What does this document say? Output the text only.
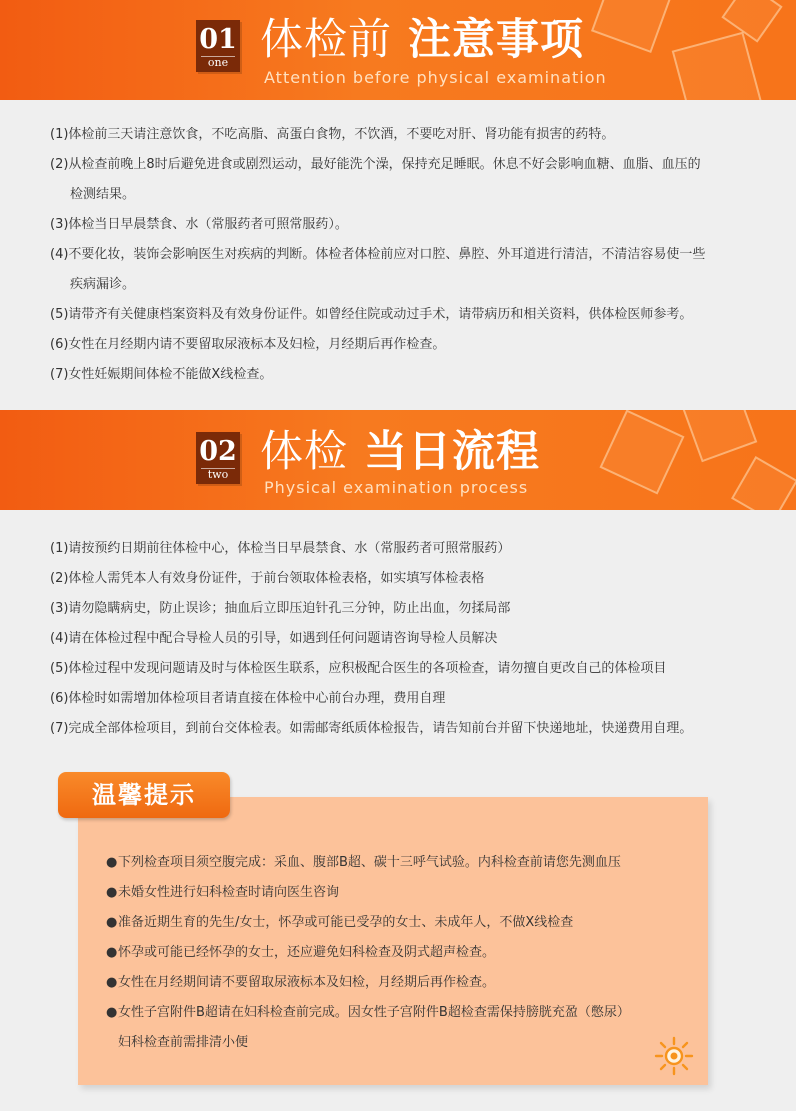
01
one 体检前 注意事项
Attention before physical examination
(1)体检前三天请注意饮食，不吃高脂、高蛋白食物，不饮酒，不要吃对肝、肾功能有损害的药特。
(2)从检查前晚上8时后避免进食或剧烈运动，最好能洗个澡，保持充足睡眠。休息不好会影响血糖、血脂、血压的
检测结果。
(3)体检当日早晨禁食、水（常服药者可照常服药）。
(4)不要化妆，装饰会影响医生对疾病的判断。体检者体检前应对口腔、鼻腔、外耳道进行清洁，不清洁容易使一些
疾病漏诊。
(5)请带齐有关健康档案资料及有效身份证件。如曾经住院或动过手术，请带病历和相关资料，供体检医师参考。
(6)女性在月经期内请不要留取尿液标本及妇检，月经期后再作检查。
(7)女性妊娠期间体检不能做X线检查。
02
two 体检 当日流程
Physical examination process
(1)请按预约日期前往体检中心，体检当日早晨禁食、水（常服药者可照常服药）
(2)体检人需凭本人有效身份证件，于前台领取体检表格，如实填写体检表格
(3)请勿隐瞒病史，防止误诊；抽血后立即压迫针孔三分钟，防止出血，勿揉局部
(4)请在体检过程中配合导检人员的引导，如遇到任何问题请咨询导检人员解决
(5)体检过程中发现问题请及时与体检医生联系，应积极配合医生的各项检查，请勿擅自更改自己的体检项目
(6)体检时如需增加体检项目者请直接在体检中心前台办理，费用自理
(7)完成全部体检项目，到前台交体检表。如需邮寄纸质体检报告，请告知前台并留下快递地址，快递费用自理。
温馨提示
●下列检查项目须空腹完成：采血、腹部B超、碳十三呼气试验。内科检查前请您先测血压
●未婚女性进行妇科检查时请向医生咨询
●准备近期生育的先生/女士，怀孕或可能已受孕的女士、未成年人，不做X线检查
●怀孕或可能已经怀孕的女士，还应避免妇科检查及阴式超声检查。
●女性在月经期间请不要留取尿液标本及妇检，月经期后再作检查。
●女性子宫附件B超请在妇科检查前完成。因女性子宫附件B超检查需保持膀胱充盈（憋尿）
妇科检查前需排清小便
